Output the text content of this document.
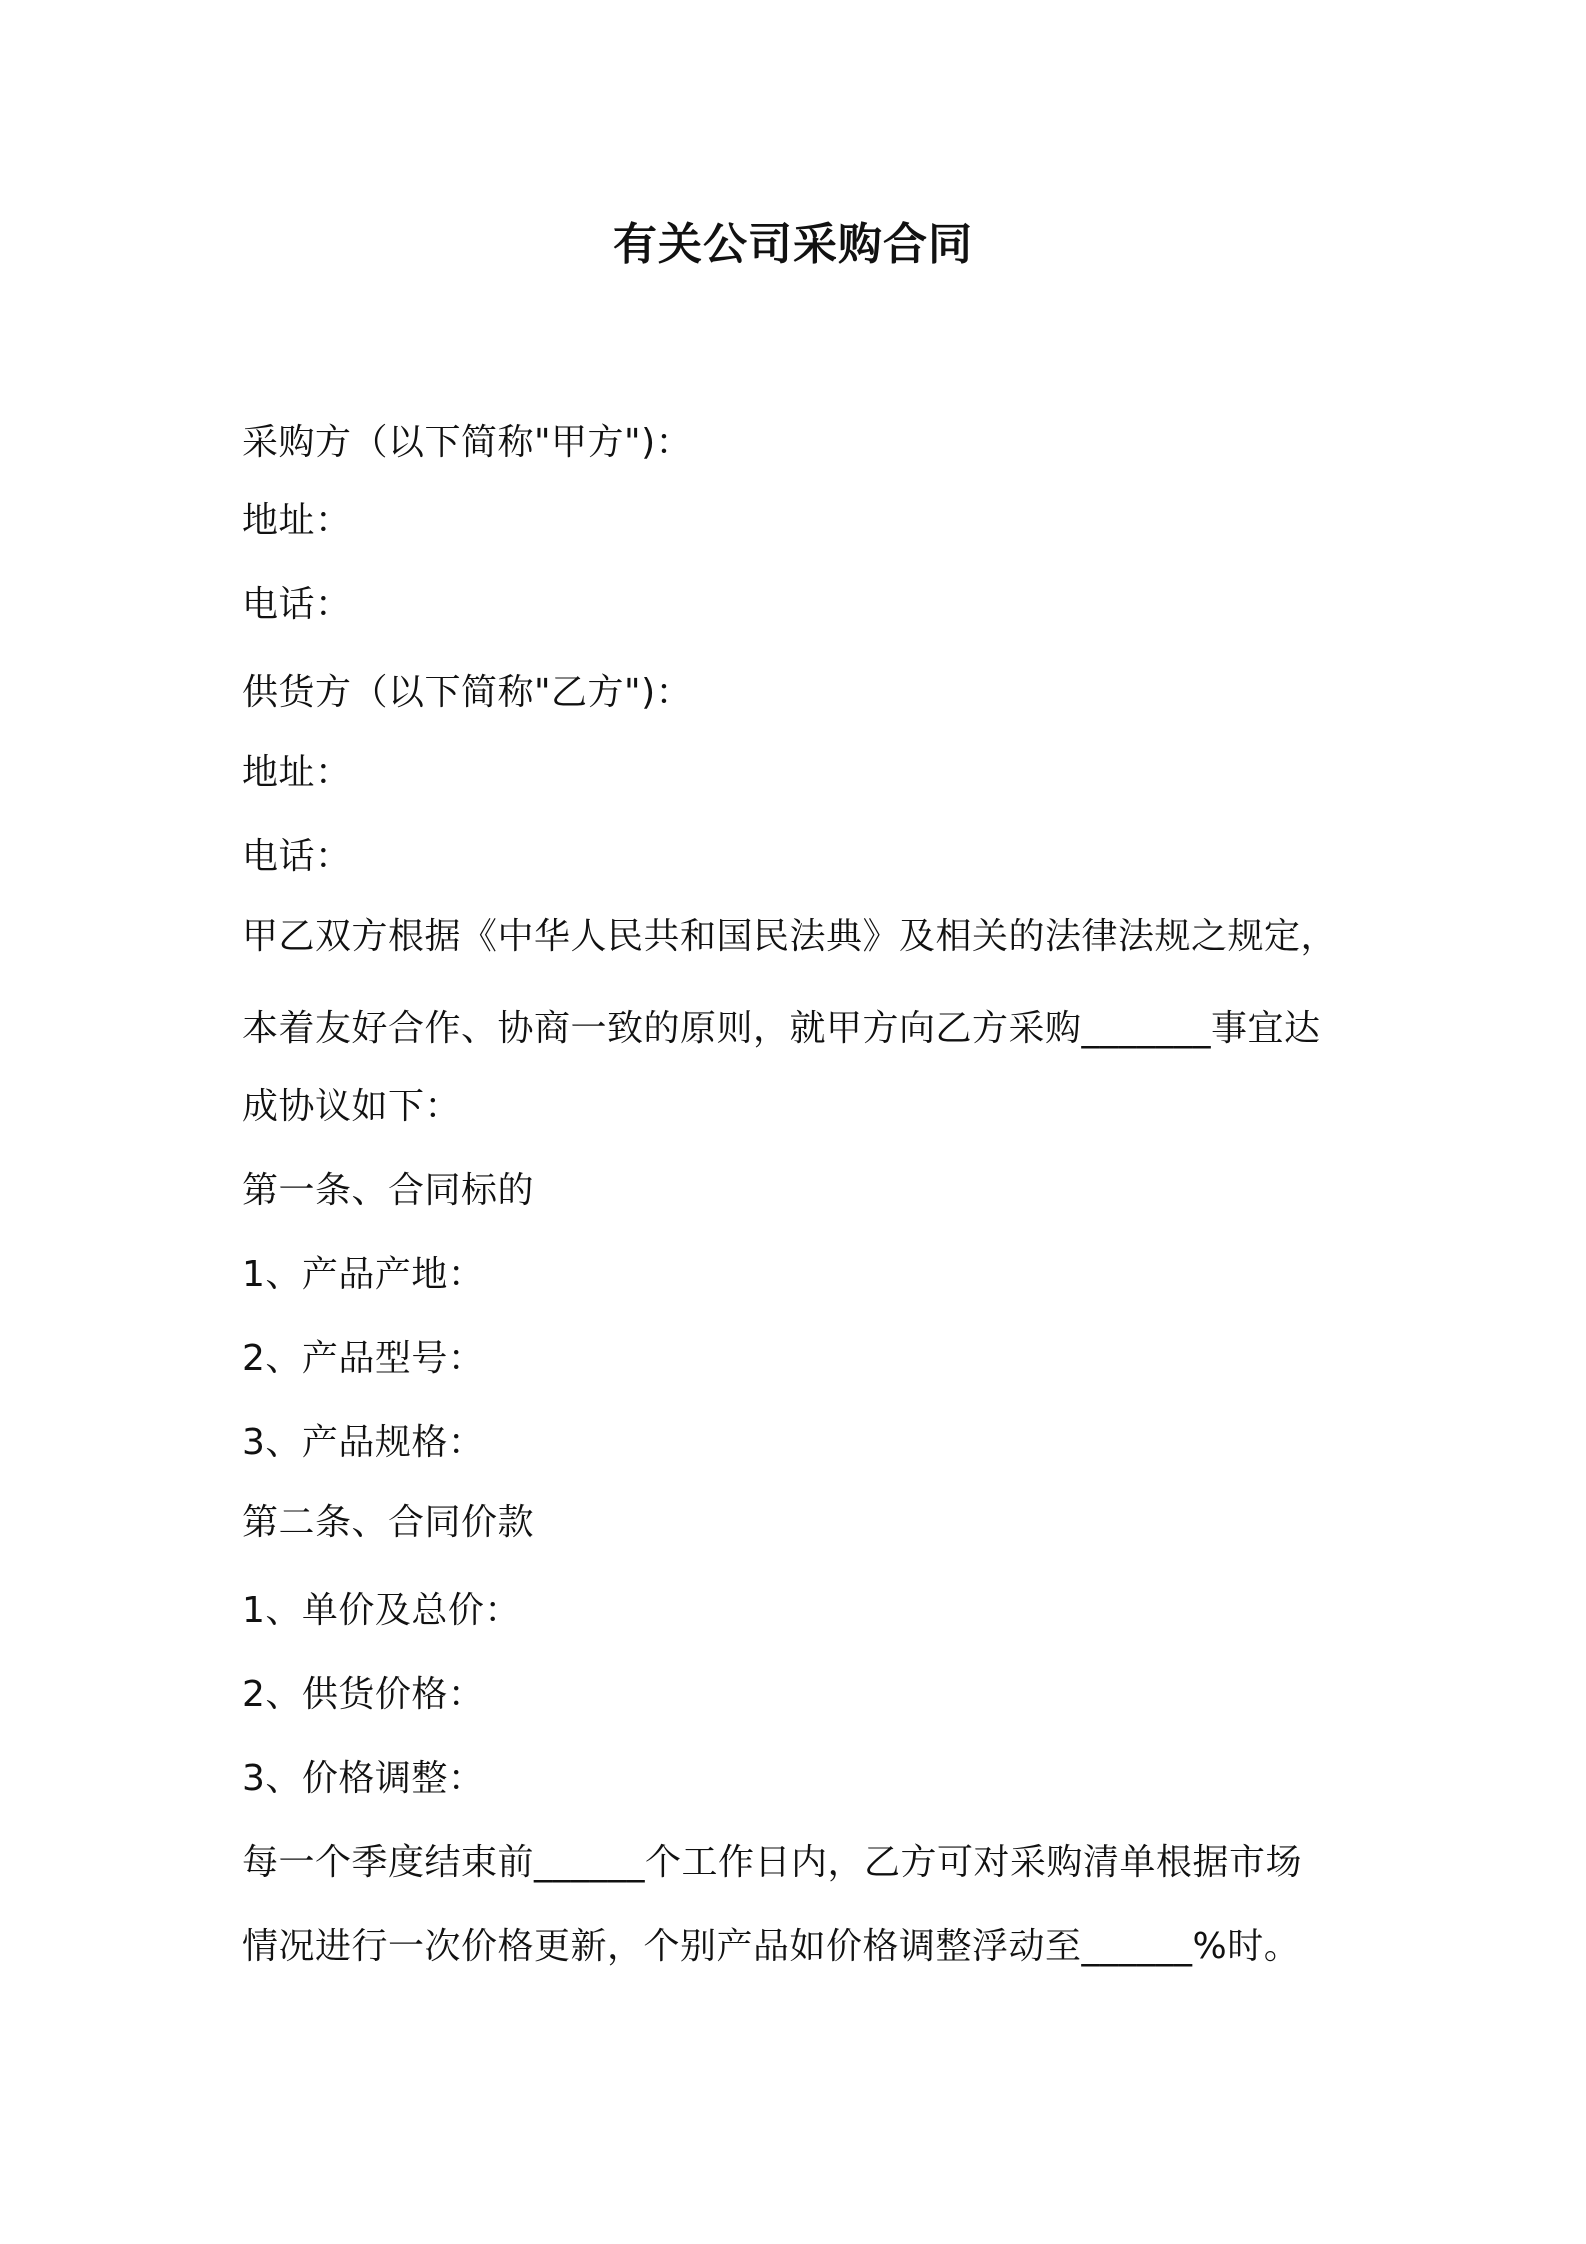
有关公司采购合同
采购方（以下简称"甲方")：
地址：
电话：
供货方（以下简称"乙方")：
地址：
电话：
甲乙双方根据《中华人民共和国民法典》及相关的法律法规之规定，
本着友好合作、协商一致的原则，就甲方向乙方采购_______事宜达
成协议如下：
第一条、合同标的
1、产品产地：
2、产品型号：
3、产品规格：
第二条、合同价款
1、单价及总价：
2、供货价格：
3、价格调整：
每一个季度结束前______个工作日内，乙方可对采购清单根据市场
情况进行一次价格更新，个别产品如价格调整浮动至______%时。
